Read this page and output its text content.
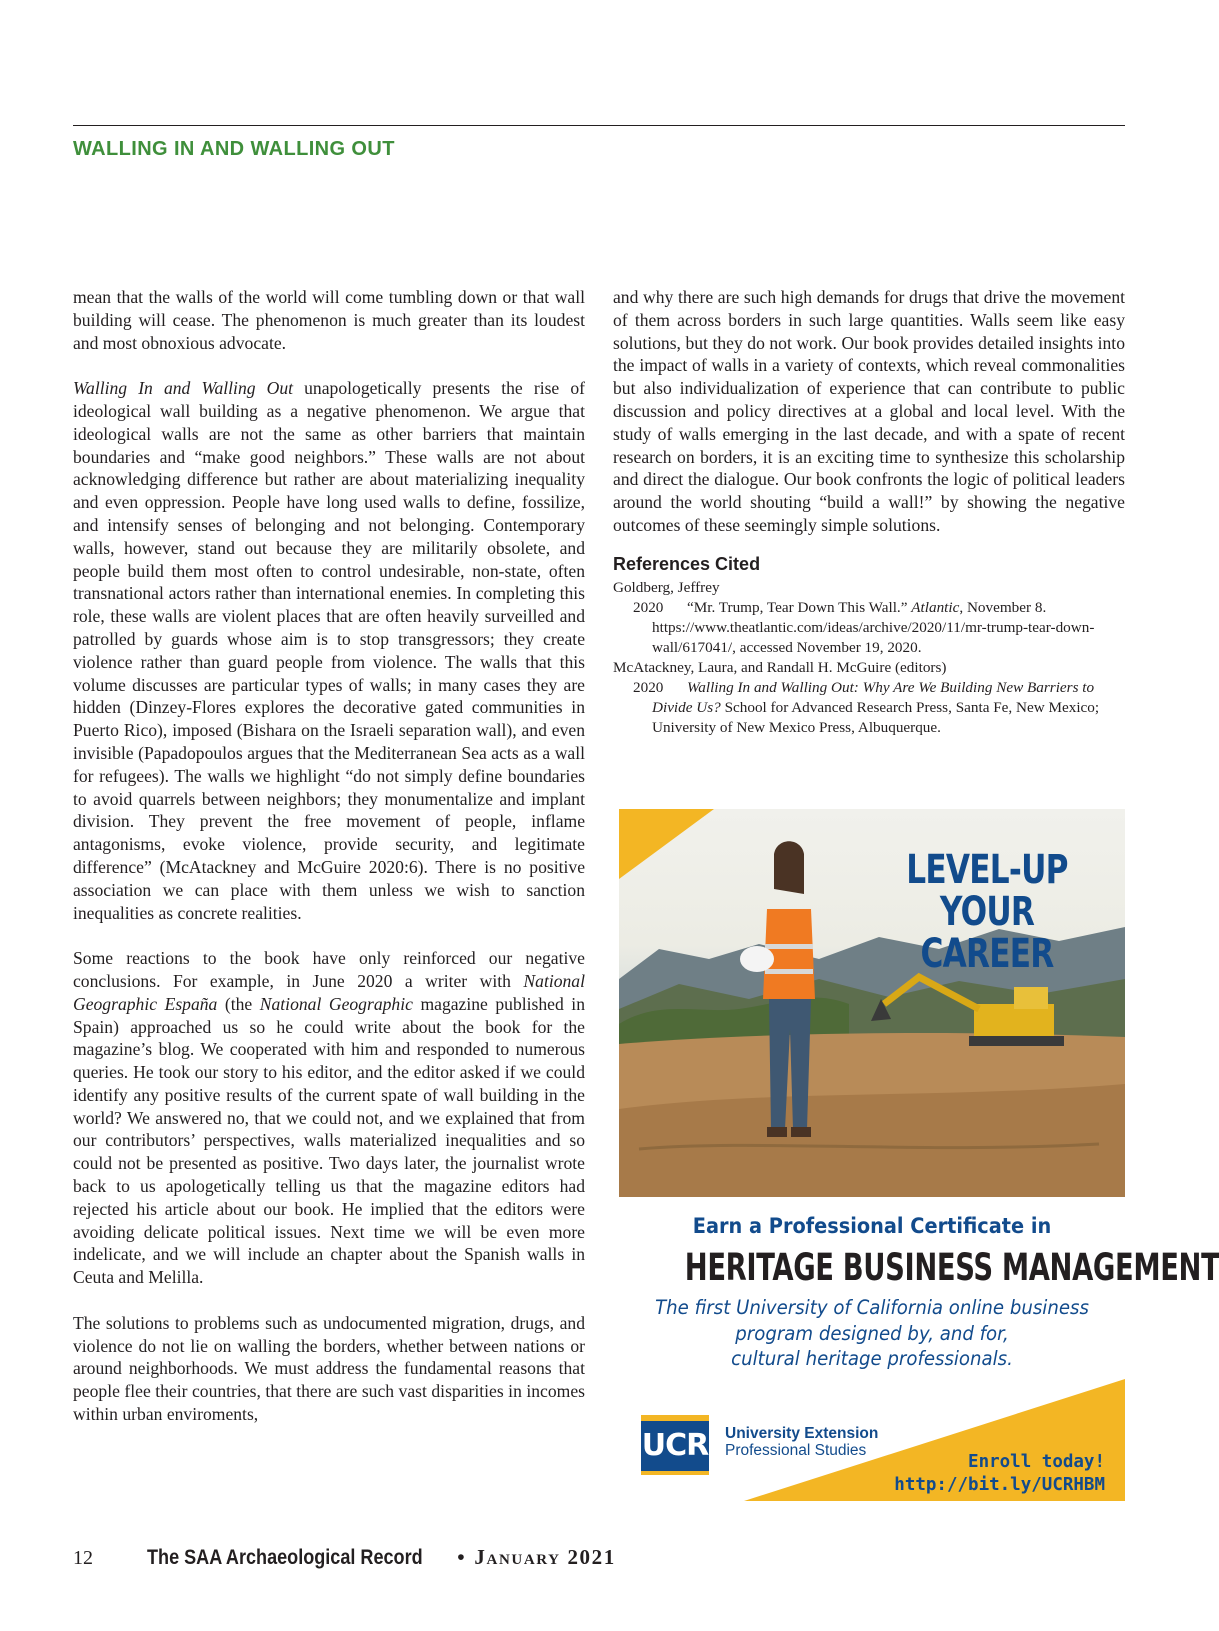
WALLING IN AND WALLING OUT

mean that the walls of the world will come tumbling down or that wall building will cease. The phenomenon is much greater than its loudest and most obnoxious advocate.

Walling In and Walling Out unapologetically presents the rise of ideological wall building as a negative phenomenon. We argue that ideological walls are not the same as other barriers that maintain boundaries and “make good neighbors.” These walls are not about acknowledging difference but rather are about materializing inequality and even oppression. People have long used walls to define, fossilize, and intensify senses of belonging and not belonging. Contemporary walls, however, stand out because they are militarily obsolete, and people build them most often to control undesirable, non-state, often transnational actors rather than international enemies. In completing this role, these walls are violent places that are often heavily surveilled and patrolled by guards whose aim is to stop transgressors; they create violence rather than guard people from violence. The walls that this volume discusses are particular types of walls; in many cases they are hidden (Dinzey-Flores explores the decorative gated communities in Puerto Rico), imposed (Bishara on the Israeli separation wall), and even invisible (Papadopoulos argues that the Mediterranean Sea acts as a wall for refugees). The walls we highlight “do not simply define boundaries to avoid quarrels between neighbors; they monumentalize and implant division. They prevent the free movement of people, inflame antagonisms, evoke violence, provide security, and legitimate difference” (McAtackney and McGuire 2020:6). There is no positive association we can place with them unless we wish to sanction inequalities as concrete realities.

Some reactions to the book have only reinforced our negative conclusions. For example, in June 2020 a writer with National Geographic España (the National Geographic magazine published in Spain) approached us so he could write about the book for the magazine’s blog. We cooperated with him and responded to numerous queries. He took our story to his editor, and the editor asked if we could identify any positive results of the current spate of wall building in the world? We answered no, that we could not, and we explained that from our contributors’ perspectives, walls materialized inequalities and so could not be presented as positive. Two days later, the journalist wrote back to us apologetically telling us that the magazine editors had rejected his article about our book. He implied that the editors were avoiding delicate political issues. Next time we will be even more indelicate, and we will include an chapter about the Spanish walls in Ceuta and Melilla.

The solutions to problems such as undocumented migration, drugs, and violence do not lie on walling the borders, whether between nations or around neighborhoods. We must address the fundamental reasons that people flee their countries, that there are such vast disparities in incomes within urban enviroments,

and why there are such high demands for drugs that drive the movement of them across borders in such large quantities. Walls seem like easy solutions, but they do not work. Our book provides detailed insights into the impact of walls in a variety of contexts, which reveal commonalities but also individualization of experience that can contribute to public discussion and policy directives at a global and local level. With the study of walls emerging in the last decade, and with a spate of recent research on borders, it is an exciting time to synthesize this scholarship and direct the dialogue. Our book confronts the logic of political leaders around the world shouting “build a wall!” by showing the negative outcomes of these seemingly simple solutions.

References Cited
Goldberg, Jeffrey
2020 “Mr. Trump, Tear Down This Wall.” Atlantic, November 8. https://www.theatlantic.com/ideas/archive/2020/11/mr-trump-tear-down-wall/617041/, accessed November 19, 2020.
McAtackney, Laura, and Randall H. McGuire (editors)
2020 Walling In and Walling Out: Why Are We Building New Barriers to Divide Us? School for Advanced Research Press, Santa Fe, New Mexico; University of New Mexico Press, Albuquerque.
LEVEL-UP
YOUR CAREER
Earn a Professional Certificate in
HERITAGE BUSINESS MANAGEMENT
The first University of California online business
program designed by, and for,
cultural heritage professionals.
UCR University Extension
Professional Studies
Enroll today!
http://bit.ly/UCRHBM
12	The SAA Archaeological Record • January 2021
